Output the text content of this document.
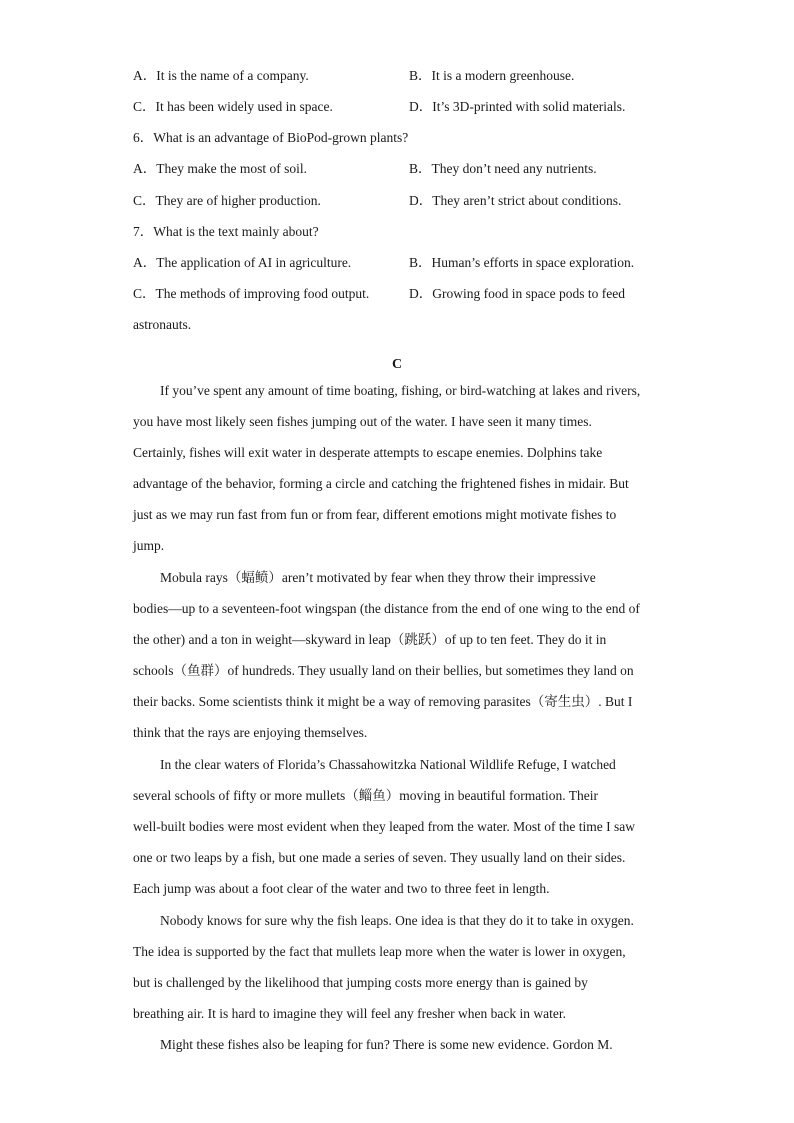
A．It is the name of a company.	B．It is a modern greenhouse.
C．It has been widely used in space.	D．It’s 3D-printed with solid materials.
6．What is an advantage of BioPod-grown plants?
A．They make the most of soil.	B．They don’t need any nutrients.
C．They are of higher production.	D．They aren’t strict about conditions.
7．What is the text mainly about?
A．The application of AI in agriculture.	B．Human’s efforts in space exploration.
C．The methods of improving food output.	D．Growing food in space pods to feed
astronauts.
C
If you’ve spent any amount of time boating, fishing, or bird-watching at lakes and rivers,
you have most likely seen fishes jumping out of the water. I have seen it many times.
Certainly, fishes will exit water in desperate attempts to escape enemies. Dolphins take
advantage of the behavior, forming a circle and catching the frightened fishes in midair. But
just as we may run fast from fun or from fear, different emotions might motivate fishes to
jump.
Mobula rays（蝠鲼）aren’t motivated by fear when they throw their impressive
bodies—up to a seventeen-foot wingspan (the distance from the end of one wing to the end of
the other) and a ton in weight—skyward in leap（跳跃）of up to ten feet. They do it in
schools（鱼群）of hundreds. They usually land on their bellies, but sometimes they land on
their backs. Some scientists think it might be a way of removing parasites（寄生虫）. But I
think that the rays are enjoying themselves.
In the clear waters of Florida’s Chassahowitzka National Wildlife Refuge, I watched
several schools of fifty or more mullets（鲻鱼）moving in beautiful formation. Their
well-built bodies were most evident when they leaped from the water. Most of the time I saw
one or two leaps by a fish, but one made a series of seven. They usually land on their sides.
Each jump was about a foot clear of the water and two to three feet in length.
Nobody knows for sure why the fish leaps. One idea is that they do it to take in oxygen.
The idea is supported by the fact that mullets leap more when the water is lower in oxygen,
but is challenged by the likelihood that jumping costs more energy than is gained by
breathing air. It is hard to imagine they will feel any fresher when back in water.
Might these fishes also be leaping for fun? There is some new evidence. Gordon M.
